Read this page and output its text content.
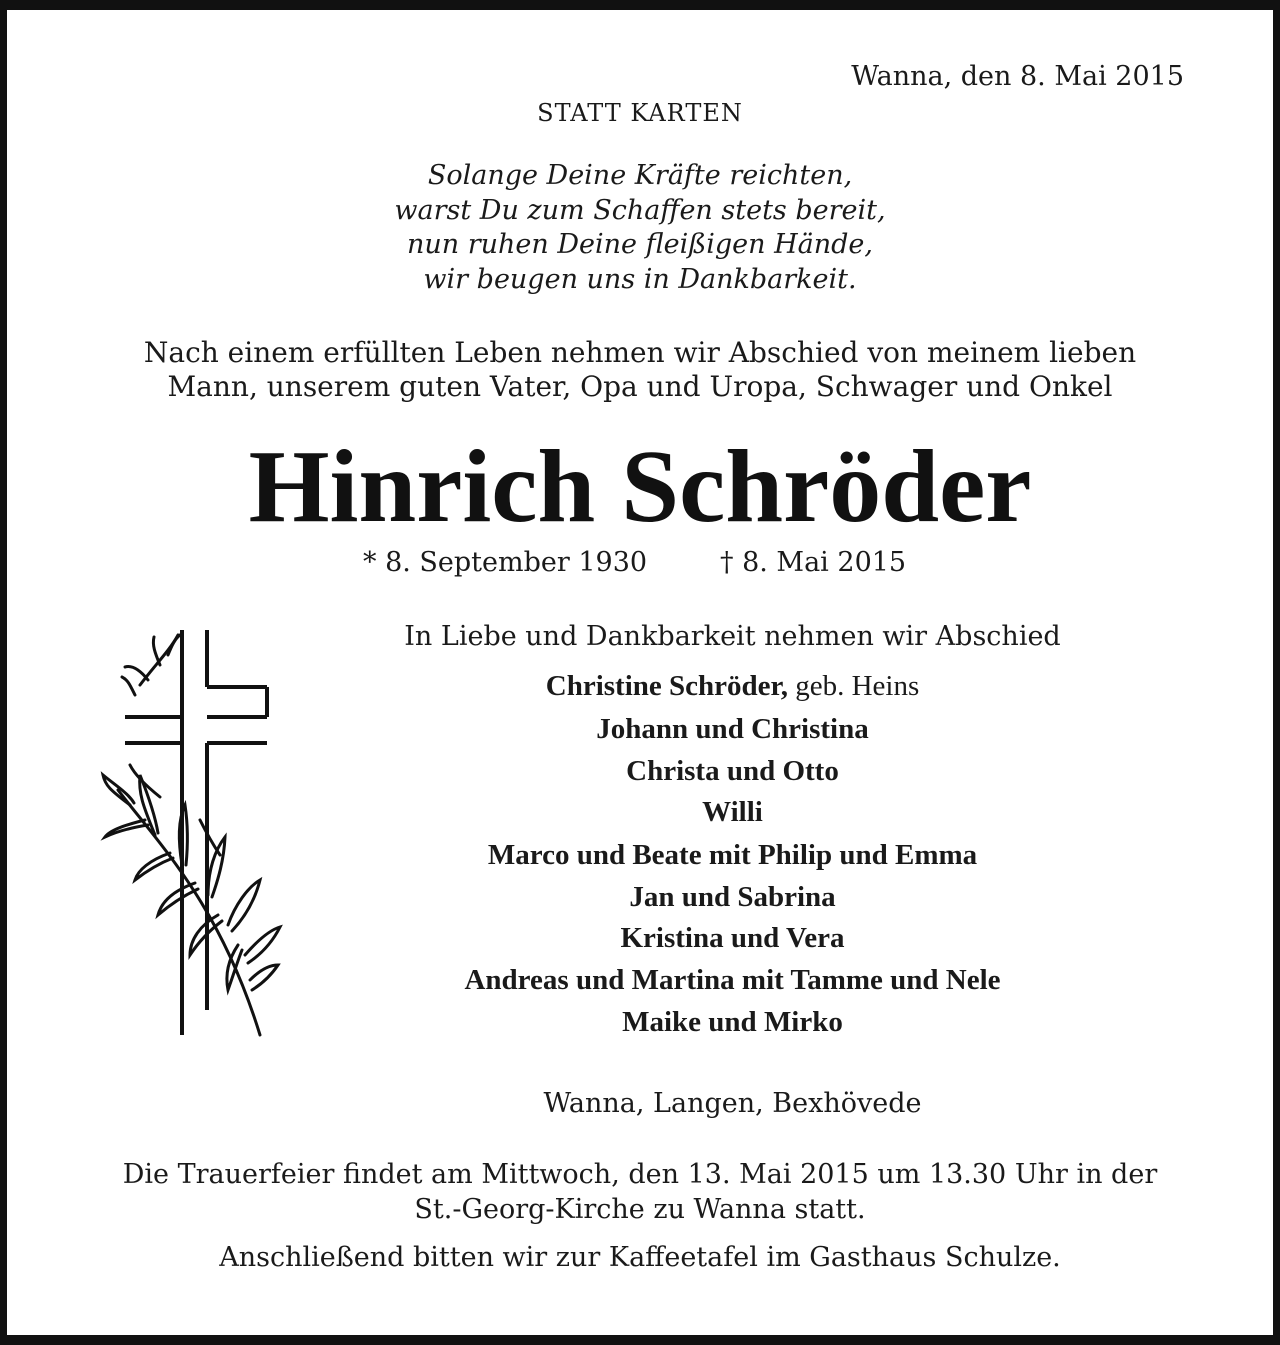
Wanna, den 8. Mai 2015
STATT KARTEN
Solange Deine Kräfte reichten,
warst Du zum Schaffen stets bereit,
nun ruhen Deine fleißigen Hände,
wir beugen uns in Dankbarkeit.
Nach einem erfüllten Leben nehmen wir Abschied von meinem lieben
Mann, unserem guten Vater, Opa und Uropa, Schwager und Onkel
Hinrich Schröder
* 8. September 1930	† 8. Mai 2015
In Liebe und Dankbarkeit nehmen wir Abschied
Christine Schröder, geb. Heins
Johann und Christina
Christa und Otto
Willi
Marco und Beate mit Philip und Emma
Jan und Sabrina
Kristina und Vera
Andreas und Martina mit Tamme und Nele
Maike und Mirko
Wanna, Langen, Bexhövede
Die Trauerfeier findet am Mittwoch, den 13. Mai 2015 um 13.30 Uhr in der
St.-Georg-Kirche zu Wanna statt.
Anschließend bitten wir zur Kaffeetafel im Gasthaus Schulze.
